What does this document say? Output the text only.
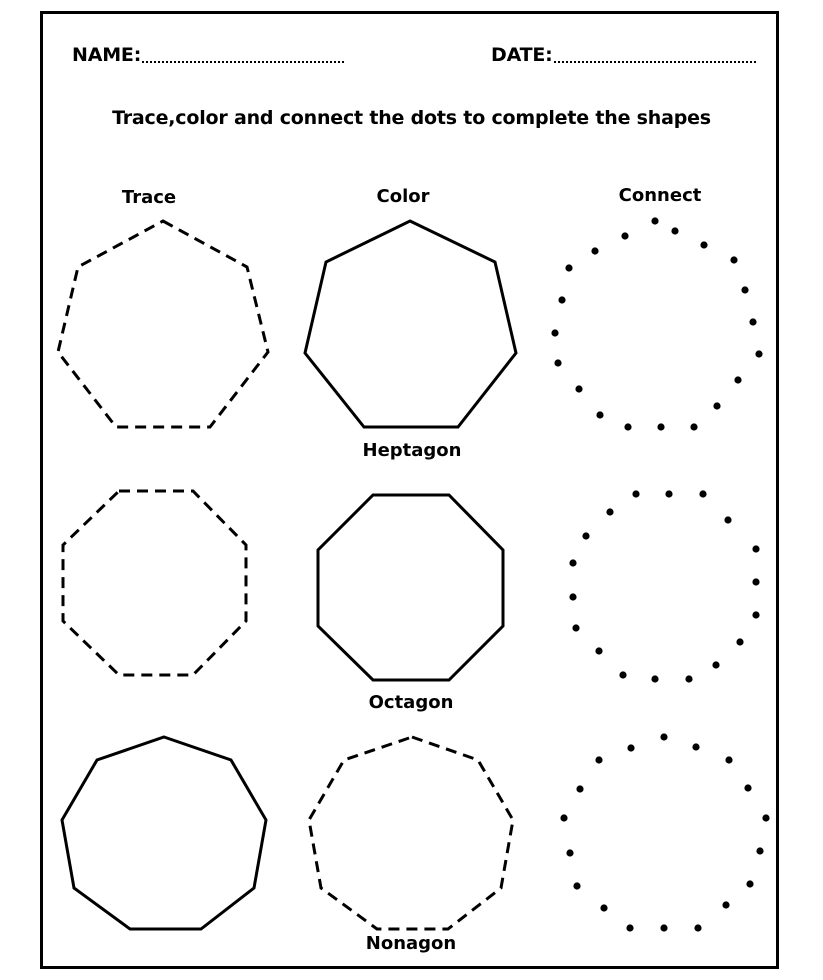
NAME:	DATE:
Trace,color and connect the dots to complete the shapes
Trace	Color	Connect
Heptagon
Octagon
Nonagon
